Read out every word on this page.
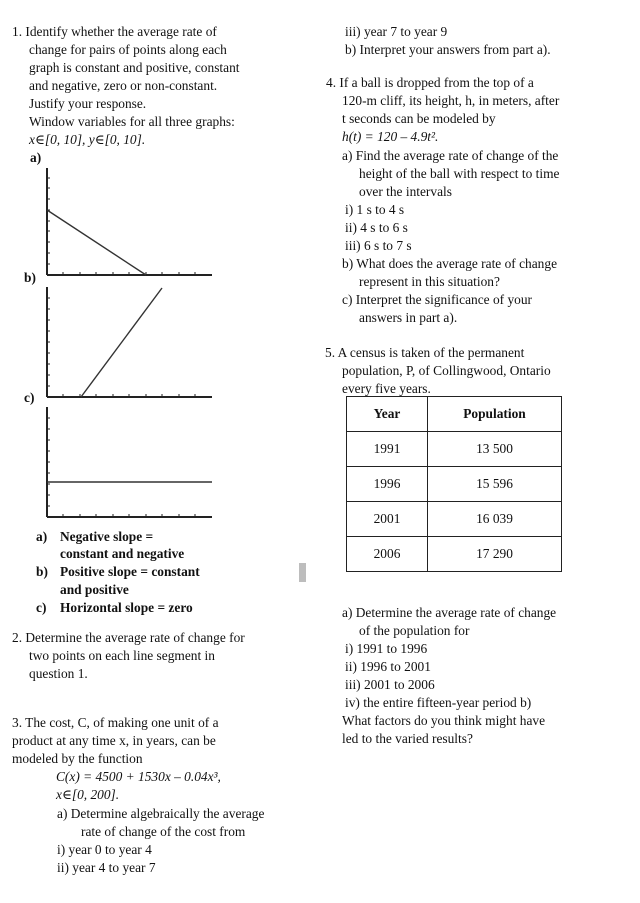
1. Identify whether the average rate of
change for pairs of points along each
graph is constant and positive, constant
and negative, zero or non-constant.
Justify your response.
Window variables for all three graphs:
x∈[0, 10], y∈[0, 10].
a)
b)
c)
a) Negative slope =
constant and negative
b) Positive slope = constant
and positive
c) Horizontal slope = zero
2. Determine the average rate of change for
two points on each line segment in
question 1.
3. The cost, C, of making one unit of a
product at any time x, in years, can be
modeled by the function
C(x) = 4500 + 1530x – 0.04x³,
x∈[0, 200].
a) Determine algebraically the average
rate of change of the cost from
i) year 0 to year 4
ii) year 4 to year 7
iii) year 7 to year 9
b) Interpret your answers from part a).
4. If a ball is dropped from the top of a
120-m cliff, its height, h, in meters, after
t seconds can be modeled by
h(t) = 120 – 4.9t².
a) Find the average rate of change of the
height of the ball with respect to time
over the intervals
i) 1 s to 4 s
ii) 4 s to 6 s
iii) 6 s to 7 s
b) What does the average rate of change
represent in this situation?
c) Interpret the significance of your
answers in part a).
5. A census is taken of the permanent
population, P, of Collingwood, Ontario
every five years.
Year	Population
1991	13 500
1996	15 596
2001	16 039
2006	17 290
a) Determine the average rate of change
of the population for
i) 1991 to 1996
ii) 1996 to 2001
iii) 2001 to 2006
iv) the entire fifteen-year period b)
What factors do you think might have
led to the varied results?
